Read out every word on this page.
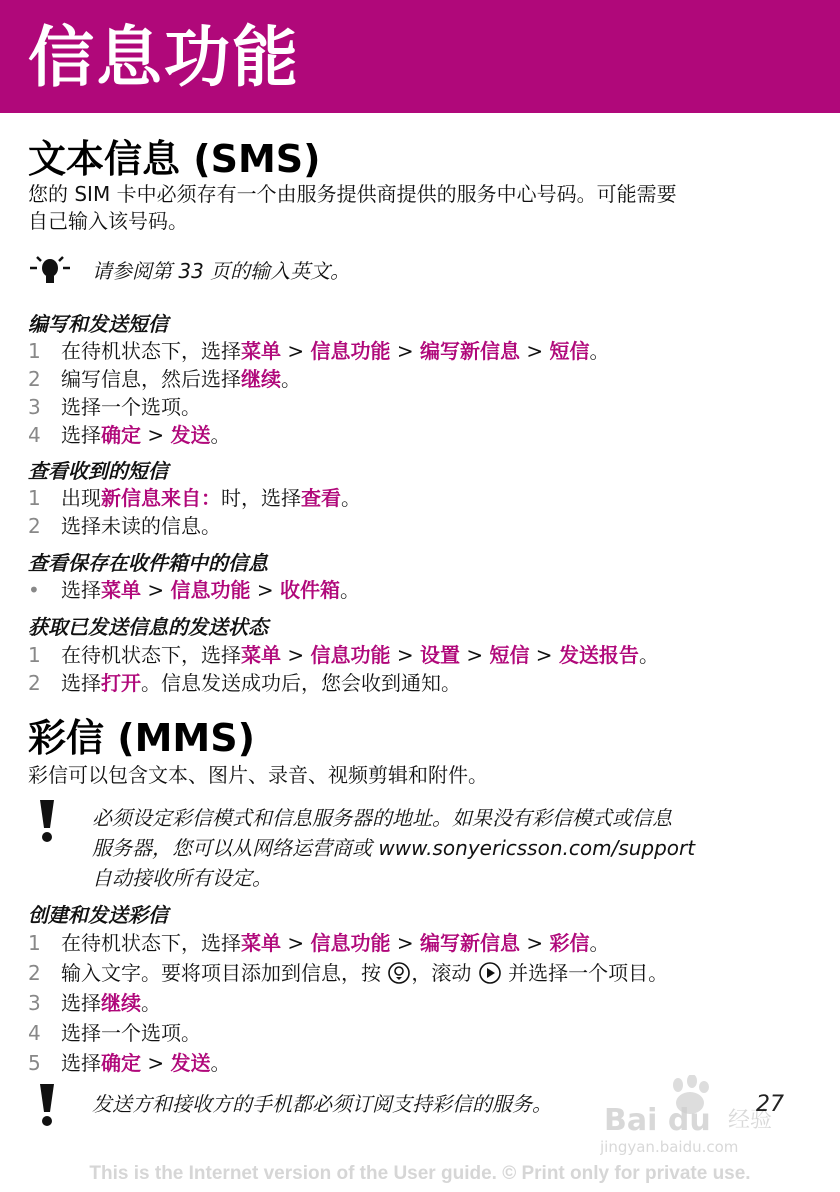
信息功能
文本信息 (SMS)
您的 SIM 卡中必须存有一个由服务提供商提供的服务中心号码。可能需要
自己输入该号码。
请参阅第 33 页的输入英文。
编写和发送短信
1 在待机状态下，选择菜单 > 信息功能 > 编写新信息 > 短信。
2 编写信息，然后选择继续。
3 选择一个选项。
4 选择确定 > 发送。
查看收到的短信
1 出现新信息来自：时，选择查看。
2 选择未读的信息。
查看保存在收件箱中的信息
• 选择菜单 > 信息功能 > 收件箱。
获取已发送信息的发送状态
1 在待机状态下，选择菜单 > 信息功能 > 设置 > 短信 > 发送报告。
2 选择打开。信息发送成功后，您会收到通知。
彩信 (MMS)
彩信可以包含文本、图片、录音、视频剪辑和附件。
必须设定彩信模式和信息服务器的地址。如果没有彩信模式或信息
服务器，您可以从网络运营商或 www.sonyericsson.com/support
自动接收所有设定。
创建和发送彩信
1 在待机状态下，选择菜单 > 信息功能 > 编写新信息 > 彩信。
2 输入文字。要将项目添加到信息，按 ，滚动  并选择一个项目。
3 选择继续。
4 选择一个选项。
5 选择确定 > 发送。
发送方和接收方的手机都必须订阅支持彩信的服务。 Bai du 经验
jingyan.baidu.com
27
This is the Internet version of the User guide. © Print only for private use.
